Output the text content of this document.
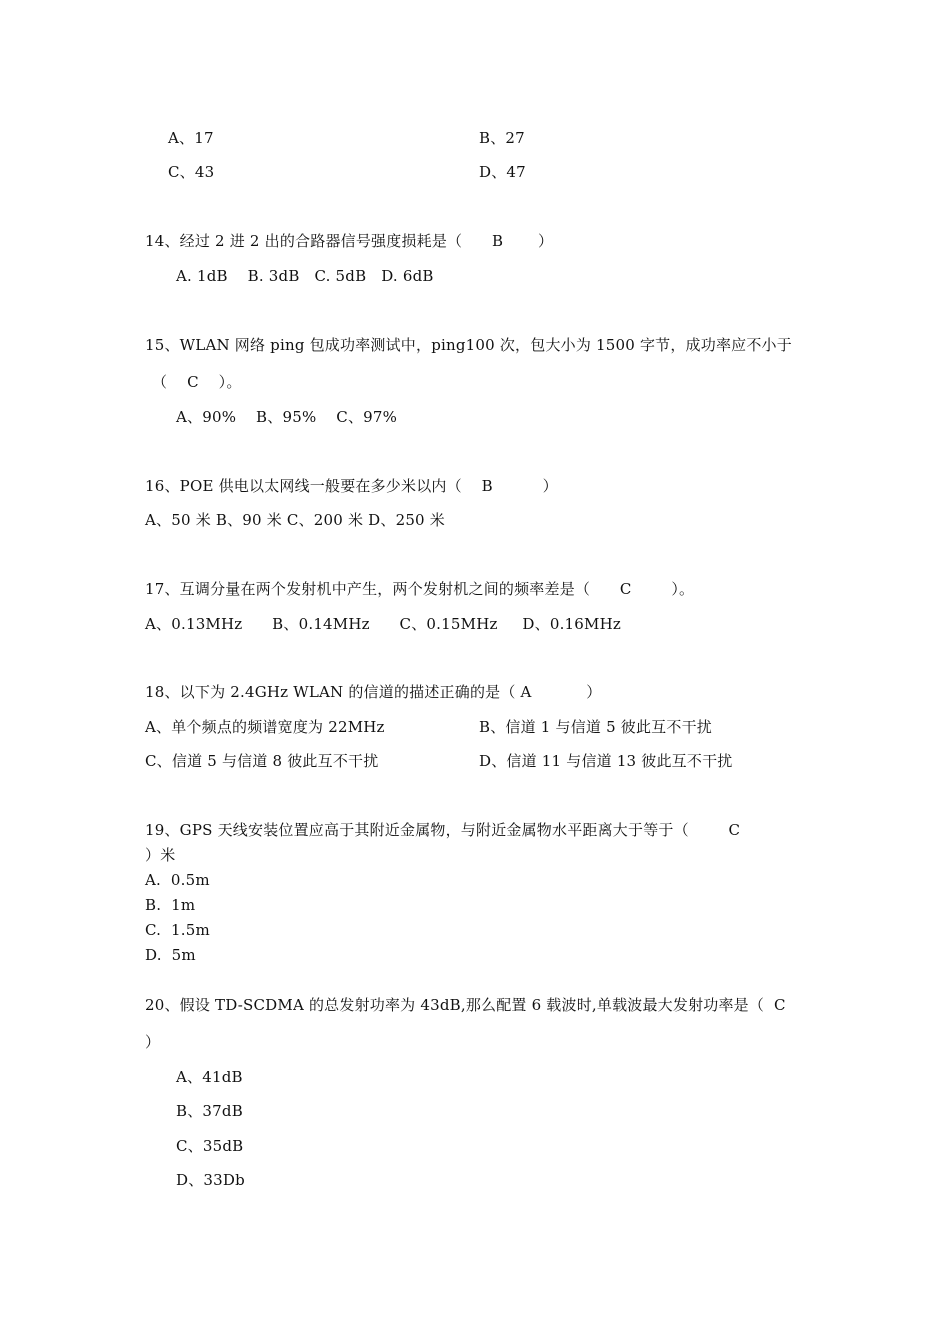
A、17	B、27
C、43	D、47
14、经过 2 进 2 出的合路器信号强度损耗是（      B       ）
A. 1dB    B. 3dB   C. 5dB   D. 6dB
15、WLAN 网络 ping 包成功率测试中，ping100 次，包大小为 1500 字节，成功率应不小于
（    C    ）。
A、90%    B、95%    C、97%
16、POE 供电以太网线一般要在多少米以内（    B          ）
A、50 米 B、90 米 C、200 米 D、250 米
17、互调分量在两个发射机中产生，两个发射机之间的频率差是（      C        ）。
A、0.13MHz      B、0.14MHz      C、0.15MHz     D、0.16MHz
18、以下为 2.4GHz WLAN 的信道的描述正确的是（ A           ）
A、单个频点的频谱宽度为 22MHz	B、信道 1 与信道 5 彼此互不干扰
C、信道 5 与信道 8 彼此互不干扰	D、信道 11 与信道 13 彼此互不干扰
19、GPS 天线安装位置应高于其附近金属物，与附近金属物水平距离大于等于（        C
）米
A.  0.5m
B.  1m
C.  1.5m
D.  5m
20、假设 TD-SCDMA 的总发射功率为 43dB,那么配置 6 载波时,单载波最大发射功率是（  C
）
A、41dB
B、37dB
C、35dB
D、33Db
